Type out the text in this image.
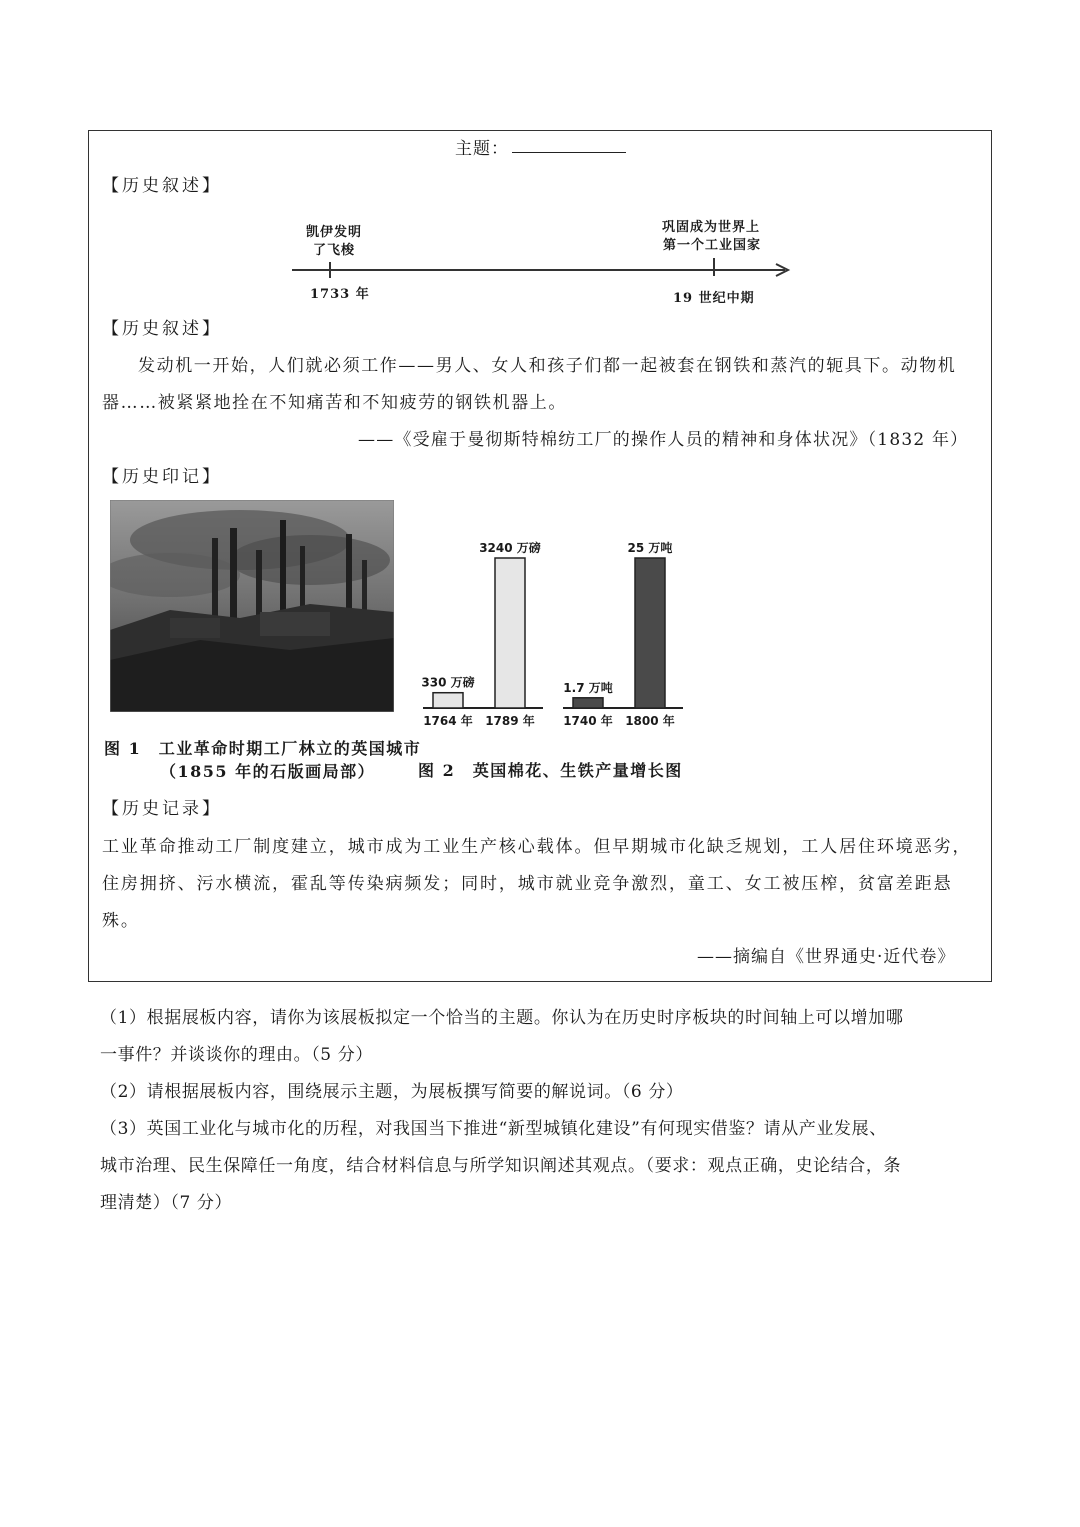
主题：
【历史叙述】
凯伊发明
了飞梭
1733 年
巩固成为世界上
第一个工业国家
19 世纪中期
【历史叙述】
发动机一开始，人们就必须工作——男人、女人和孩子们都一起被套在钢铁和蒸汽的轭具下。动物机
器……被紧紧地拴在不知痛苦和不知疲劳的钢铁机器上。
——《受雇于曼彻斯特棉纺工厂的操作人员的精神和身体状况》（1832 年）
【历史印记】
图 1　工业革命时期工厂林立的英国城市
（1855 年的石版画局部）
330 万磅
1764 年
3240 万磅
1789 年
1.7 万吨
1740 年
25 万吨
1800 年
图 2　英国棉花、生铁产量增长图
【历史记录】
工业革命推动工厂制度建立，城市成为工业生产核心载体。但早期城市化缺乏规划，工人居住环境恶劣，
住房拥挤、污水横流，霍乱等传染病频发；同时，城市就业竞争激烈，童工、女工被压榨，贫富差距悬
殊。
——摘编自《世界通史·近代卷》
（1）根据展板内容，请你为该展板拟定一个恰当的主题。你认为在历史时序板块的时间轴上可以增加哪
一事件？并谈谈你的理由。（5 分）
（2）请根据展板内容，围绕展示主题，为展板撰写简要的解说词。（6 分）
（3）英国工业化与城市化的历程，对我国当下推进“新型城镇化建设”有何现实借鉴？请从产业发展、
城市治理、民生保障任一角度，结合材料信息与所学知识阐述其观点。（要求：观点正确，史论结合，条
理清楚）（7 分）
